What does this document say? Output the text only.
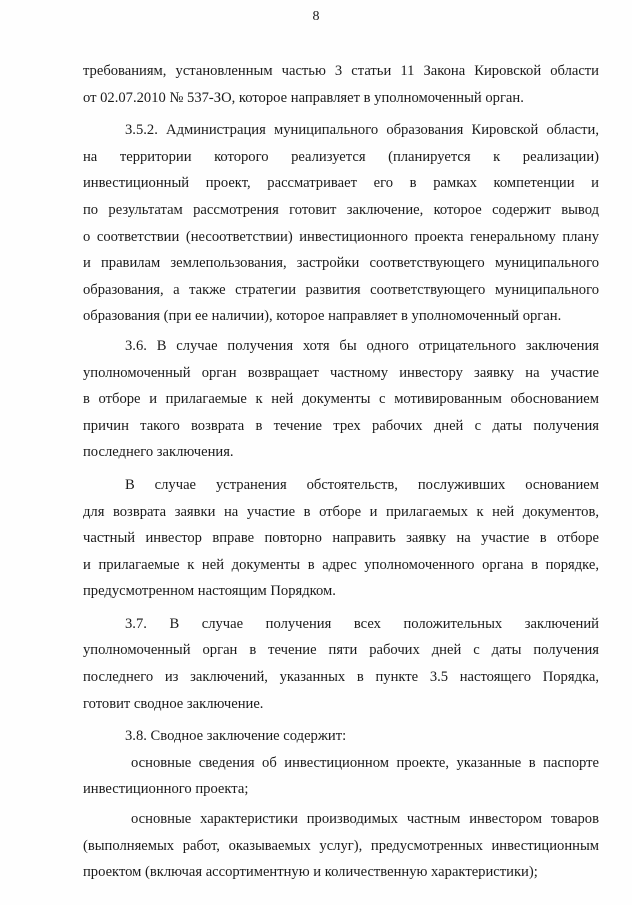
8
требованиям, установленным частью 3 статьи 11 Закона Кировской области
от 02.07.2010 № 537-ЗО, которое направляет в уполномоченный орган.
3.5.2. Администрация муниципального образования Кировской области,
на территории которого реализуется (планируется к реализации)
инвестиционный проект, рассматривает его в рамках компетенции и
по результатам рассмотрения готовит заключение, которое содержит вывод
о соответствии (несоответствии) инвестиционного проекта генеральному плану
и правилам землепользования, застройки соответствующего муниципального
образования, а также стратегии развития соответствующего муниципального
образования (при ее наличии), которое направляет в уполномоченный орган.
3.6. В случае получения хотя бы одного отрицательного заключения
уполномоченный орган возвращает частному инвестору заявку на участие
в отборе и прилагаемые к ней документы с мотивированным обоснованием
причин такого возврата в течение трех рабочих дней с даты получения
последнего заключения.
В случае устранения обстоятельств, послуживших основанием
для возврата заявки на участие в отборе и прилагаемых к ней документов,
частный инвестор вправе повторно направить заявку на участие в отборе
и прилагаемые к ней документы в адрес уполномоченного органа в порядке,
предусмотренном настоящим Порядком.
3.7. В случае получения всех положительных заключений
уполномоченный орган в течение пяти рабочих дней с даты получения
последнего из заключений, указанных в пункте 3.5 настоящего Порядка,
готовит сводное заключение.
3.8. Сводное заключение содержит:
основные сведения об инвестиционном проекте, указанные в паспорте
инвестиционного проекта;
основные характеристики производимых частным инвестором товаров
(выполняемых работ, оказываемых услуг), предусмотренных инвестиционным
проектом (включая ассортиментную и количественную характеристики);
